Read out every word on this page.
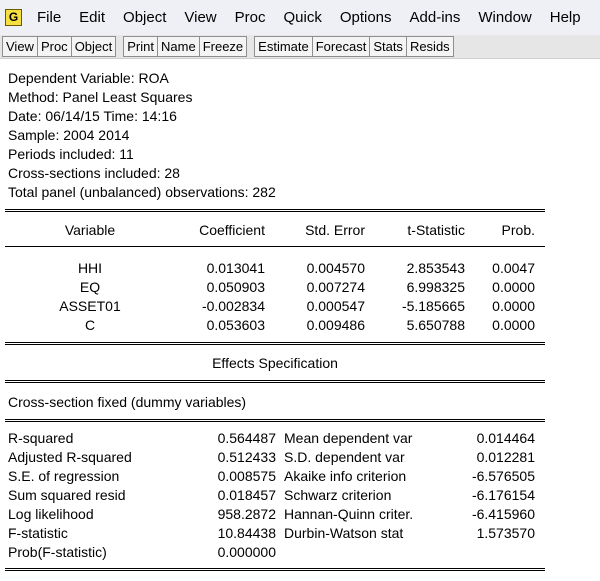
G	File	Edit	Object	View	Proc	Quick	Options	Add-ins	Window	Help
View Proc Object	Print Name Freeze	Estimate Forecast Stats Resids
Dependent Variable: ROA
Method: Panel Least Squares
Date: 06/14/15 Time: 14:16
Sample: 2004 2014
Periods included: 11
Cross-sections included: 28
Total panel (unbalanced) observations: 282
Variable	Coefficient	Std. Error	t-Statistic	Prob.
HHI	0.013041	0.004570	2.853543	0.0047
EQ	0.050903	0.007274	6.998325	0.0000
ASSET01	-0.002834	0.000547	-5.185665	0.0000
C	0.053603	0.009486	5.650788	0.0000
Effects Specification
Cross-section fixed (dummy variables)
R-squared	0.564487 Mean dependent var	0.014464
Adjusted R-squared	0.512433 S.D. dependent var	0.012281
S.E. of regression	0.008575 Akaike info criterion	-6.576505
Sum squared resid	0.018457 Schwarz criterion	-6.176154
Log likelihood	958.2872 Hannan-Quinn criter.	-6.415960
F-statistic	10.84438 Durbin-Watson stat	1.573570
Prob(F-statistic)	0.000000
